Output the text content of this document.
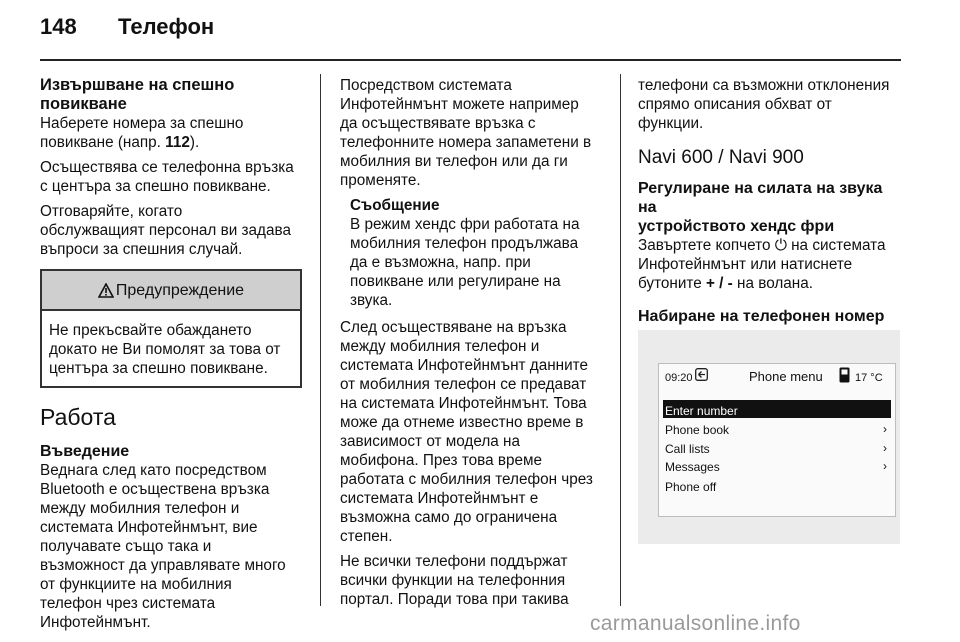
148 Телефон
Извършване на спешно
повикване

Наберете номера за спешно
повикване (напр. 112).

Осъществява се телефонна връзка
с центъра за спешно повикване.

Отговаряйте, когато
обслужващият персонал ви задава
въпроси за спешния случай.

Предупреждение
Не прекъсвайте обаждането
докато не Ви помолят за това от
центъра за спешно повикване.
Работа
Въведение
Веднага след като посредством
Bluetooth е осъществена връзка
между мобилния телефон и
системата Инфотейнмънт, вие
получавате също така и
възможност да управлявате много
от функциите на мобилния
телефон чрез системата
Инфотейнмънт.

Посредством системата
Инфотейнмънт можете например
да осъществявате връзка с
телефонните номера запаметени в
мобилния ви телефон или да ги
променяте.

Съобщение
В режим хендс фри работата на
мобилния телефон продължава
да е възможна, напр. при
повикване или регулиране на
звука.

След осъществяване на връзка
между мобилния телефон и
системата Инфотейнмънт данните
от мобилния телефон се предават
на системата Инфотейнмънт. Това
може да отнеме известно време в
зависимост от модела на
мобифона. През това време
работата с мобилния телефон чрез
системата Инфотейнмънт е
възможна само до ограничена
степен.

Не всички телефони поддържат
всички функции на телефонния
портал. Поради това при такива

телефони са възможни отклонения
спрямо описания обхват от
функции.

Navi 600 / Navi 900
Регулиране на силата на звука на
устройството хендс фри

Завъртете копчето ⏻ на системата
Инфотейнмънт или натиснете
бутоните + / - на волана.

Набиране на телефонен номер
09:20	Phone menu	17 °C
Enter number
Phone book	›
Call lists	›
Messages	›
Phone off
carmanualsonline.info
